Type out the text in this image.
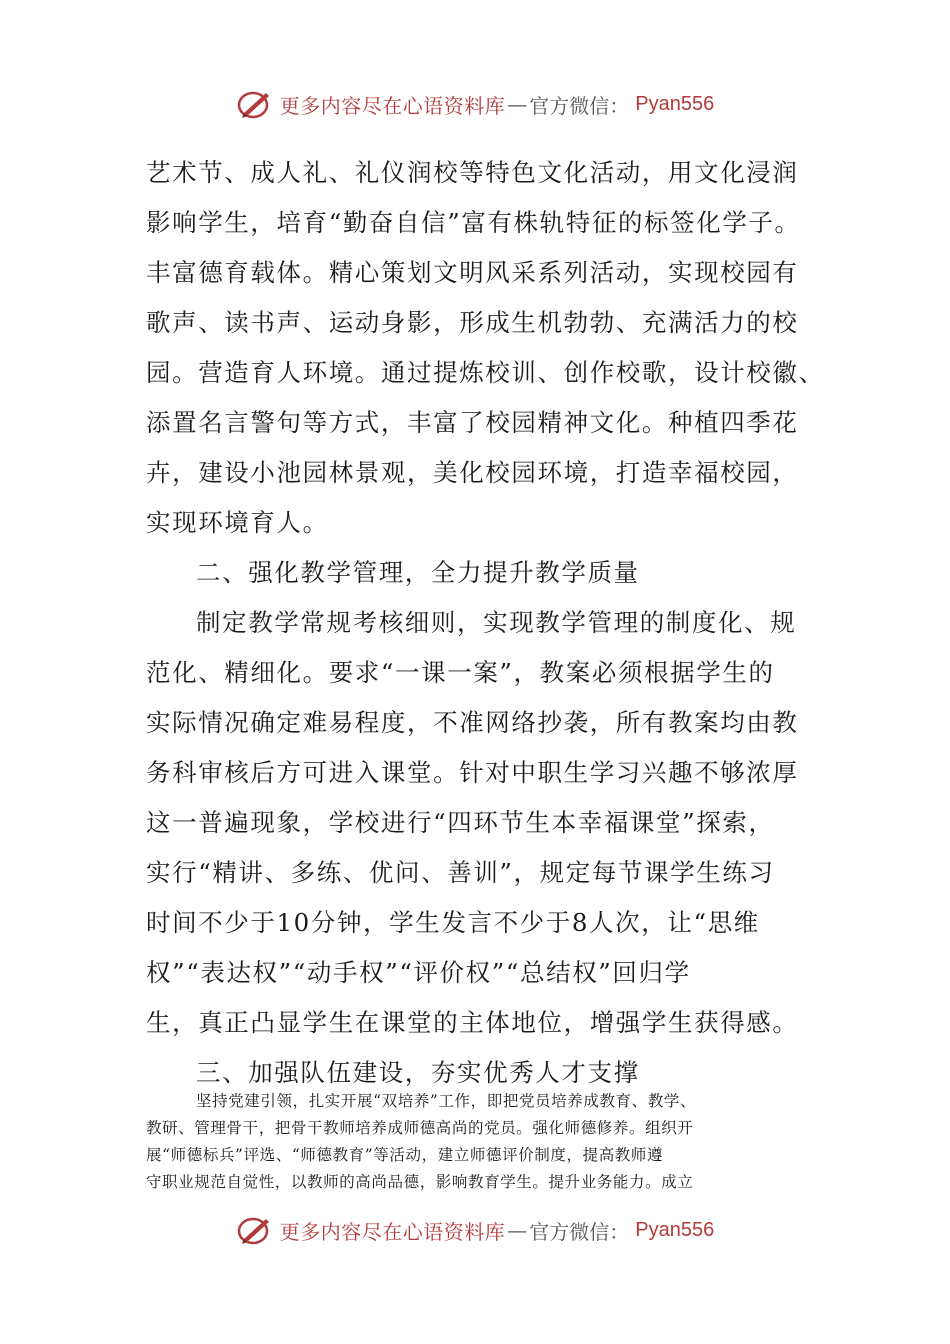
更多内容尽在心语资料库 — 官方微信： Pyan556
艺术节、成人礼、礼仪润校等特色文化活动，用文化浸润
影响学生，培育“勤奋自信”富有株轨特征的标签化学子。
丰富德育载体。精心策划文明风采系列活动，实现校园有
歌声、读书声、运动身影，形成生机勃勃、充满活力的校
园。营造育人环境。通过提炼校训、创作校歌，设计校徽、
添置名言警句等方式，丰富了校园精神文化。种植四季花
卉，建设小池园林景观，美化校园环境，打造幸福校园，
实现环境育人。
二、强化教学管理，全力提升教学质量
制定教学常规考核细则，实现教学管理的制度化、规
范化、精细化。要求“一课一案”，教案必须根据学生的
实际情况确定难易程度，不准网络抄袭，所有教案均由教
务科审核后方可进入课堂。针对中职生学习兴趣不够浓厚
这一普遍现象，学校进行“四环节生本幸福课堂”探索，
实行“精讲、多练、优问、善训”，规定每节课学生练习
时间不少于10分钟，学生发言不少于8人次，让“思维
权”“表达权”“动手权”“评价权”“总结权”回归学
生，真正凸显学生在课堂的主体地位，增强学生获得感。
三、加强队伍建设，夯实优秀人才支撑
坚持党建引领，扎实开展“双培养”工作，即把党员培养成教育、教学、
教研、管理骨干，把骨干教师培养成师德高尚的党员。强化师德修养。组织开
展“师德标兵”评选、“师德教育”等活动，建立师德评价制度，提高教师遵
守职业规范自觉性，以教师的高尚品德，影响教育学生。提升业务能力。成立
更多内容尽在心语资料库 — 官方微信： Pyan556
